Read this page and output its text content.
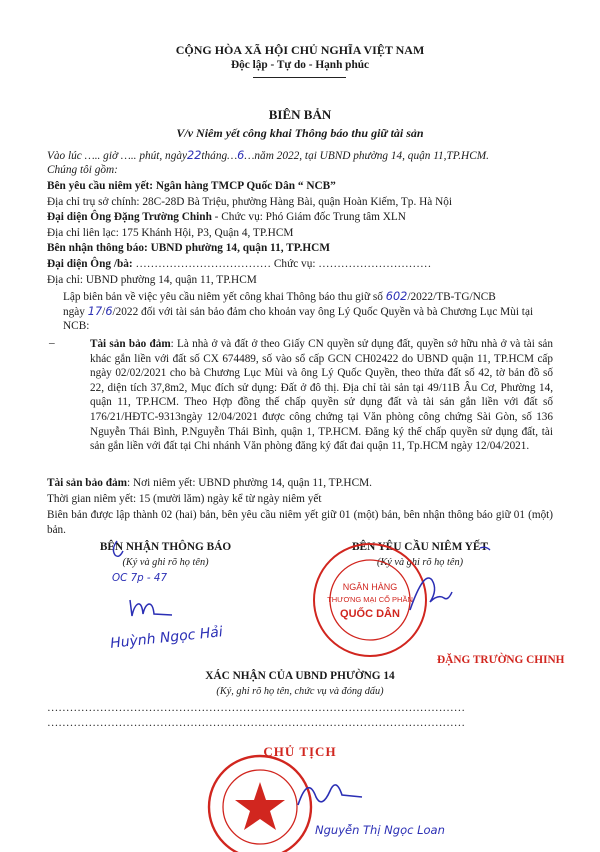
CỘNG HÒA XÃ HỘI CHỦ NGHĨA VIỆT NAM
Độc lập - Tự do - Hạnh phúc
BIÊN BẢN
V/v Niêm yết công khai Thông báo thu giữ tài sản
Vào lúc ….. giờ ….. phút, ngày22tháng…6…năm 2022, tại UBND phường 14, quận 11,TP.HCM.
Chúng tôi gồm:
Bên yêu cầu niêm yết: Ngân hàng TMCP Quốc Dân “ NCB”
Địa chỉ trụ sở chính: 28C-28D Bà Triệu, phường Hàng Bài, quận Hoàn Kiếm, Tp. Hà Nội
Đại diện Ông Đặng Trường Chinh - Chức vụ: Phó Giám đốc Trung tâm XLN
Địa chỉ liên lạc: 175 Khánh Hội, P3, Quận 4, TP.HCM
Bên nhận thông báo: UBND phường 14, quận 11, TP.HCM
Đại diện Ông /bà: ……………………………… Chức vụ: …………………………
Địa chỉ: UBND phường 14, quận 11, TP.HCM
Lập biên bản về việc yêu cầu niêm yết công khai Thông báo thu giữ số 602/2022/TB-TG/NCB
ngày 17/6/2022 đối với tài sản bảo đảm cho khoản vay ông Lý Quốc Quyền và bà Chương Lục Mùi tại
NCB:
–	Tài sản bảo đảm: Là nhà ở và đất ở theo Giấy CN quyền sử dụng đất, quyền sở hữu nhà ở và tài sản khác gắn liền với đất số CX 674489, số vào sổ cấp GCN CH02422 do UBND quận 11, TP.HCM cấp ngày 02/02/2021 cho bà Chương Lục Mùi và ông Lý Quốc Quyền, theo thửa đất số 42, tờ bản đồ số 22, diện tích 37,8m2, Mục đích sử dụng: Đất ở đô thị. Địa chỉ tài sản tại 49/11B Âu Cơ, Phường 14, quận 11, TP.HCM. Theo Hợp đồng thế chấp quyền sử dụng đất và tài sản gắn liền với đất số 176/21/HĐTC-9313ngày 12/04/2021 được công chứng tại Văn phòng công chứng Sài Gòn, số 136 Nguyễn Thái Bình, P.Nguyễn Thái Bình, quận 1, TP.HCM. Đăng ký thế chấp quyền sử dụng đất, tài sản gắn liền với đất tại Chi nhánh Văn phòng đăng ký đất đai quận 11, Tp.HCM ngày 12/04/2021.
Tài sản bảo đảm: Nơi niêm yết: UBND phường 14, quận 11, TP.HCM.
Thời gian niêm yết: 15 (mười lăm) ngày kể từ ngày niêm yết
Biên bản được lập thành 02 (hai) bản, bên yêu cầu niêm yết giữ 01 (một) bản, bên nhận thông báo giữ 01 (một) bản.
BÊN NHẬN THÔNG BÁO
(Ký và ghi rõ họ tên)
OC 7p - 47
Huỳnh Ngọc Hải
BÊN YÊU CẦU NIÊM YẾT
(Ký và ghi rõ họ tên)
NGÂN HÀNG
THƯƠNG MẠI CỔ PHẦN
QUỐC DÂN
ĐẶNG TRƯỜNG CHINH
XÁC NHẬN CỦA UBND PHƯỜNG 14
(Ký, ghi rõ họ tên, chức vụ và đóng dấu)
…………………………………………………………………………………………………
…………………………………………………………………………………………………
CHỦ TỊCH
Nguyễn Thị Ngọc Loan
